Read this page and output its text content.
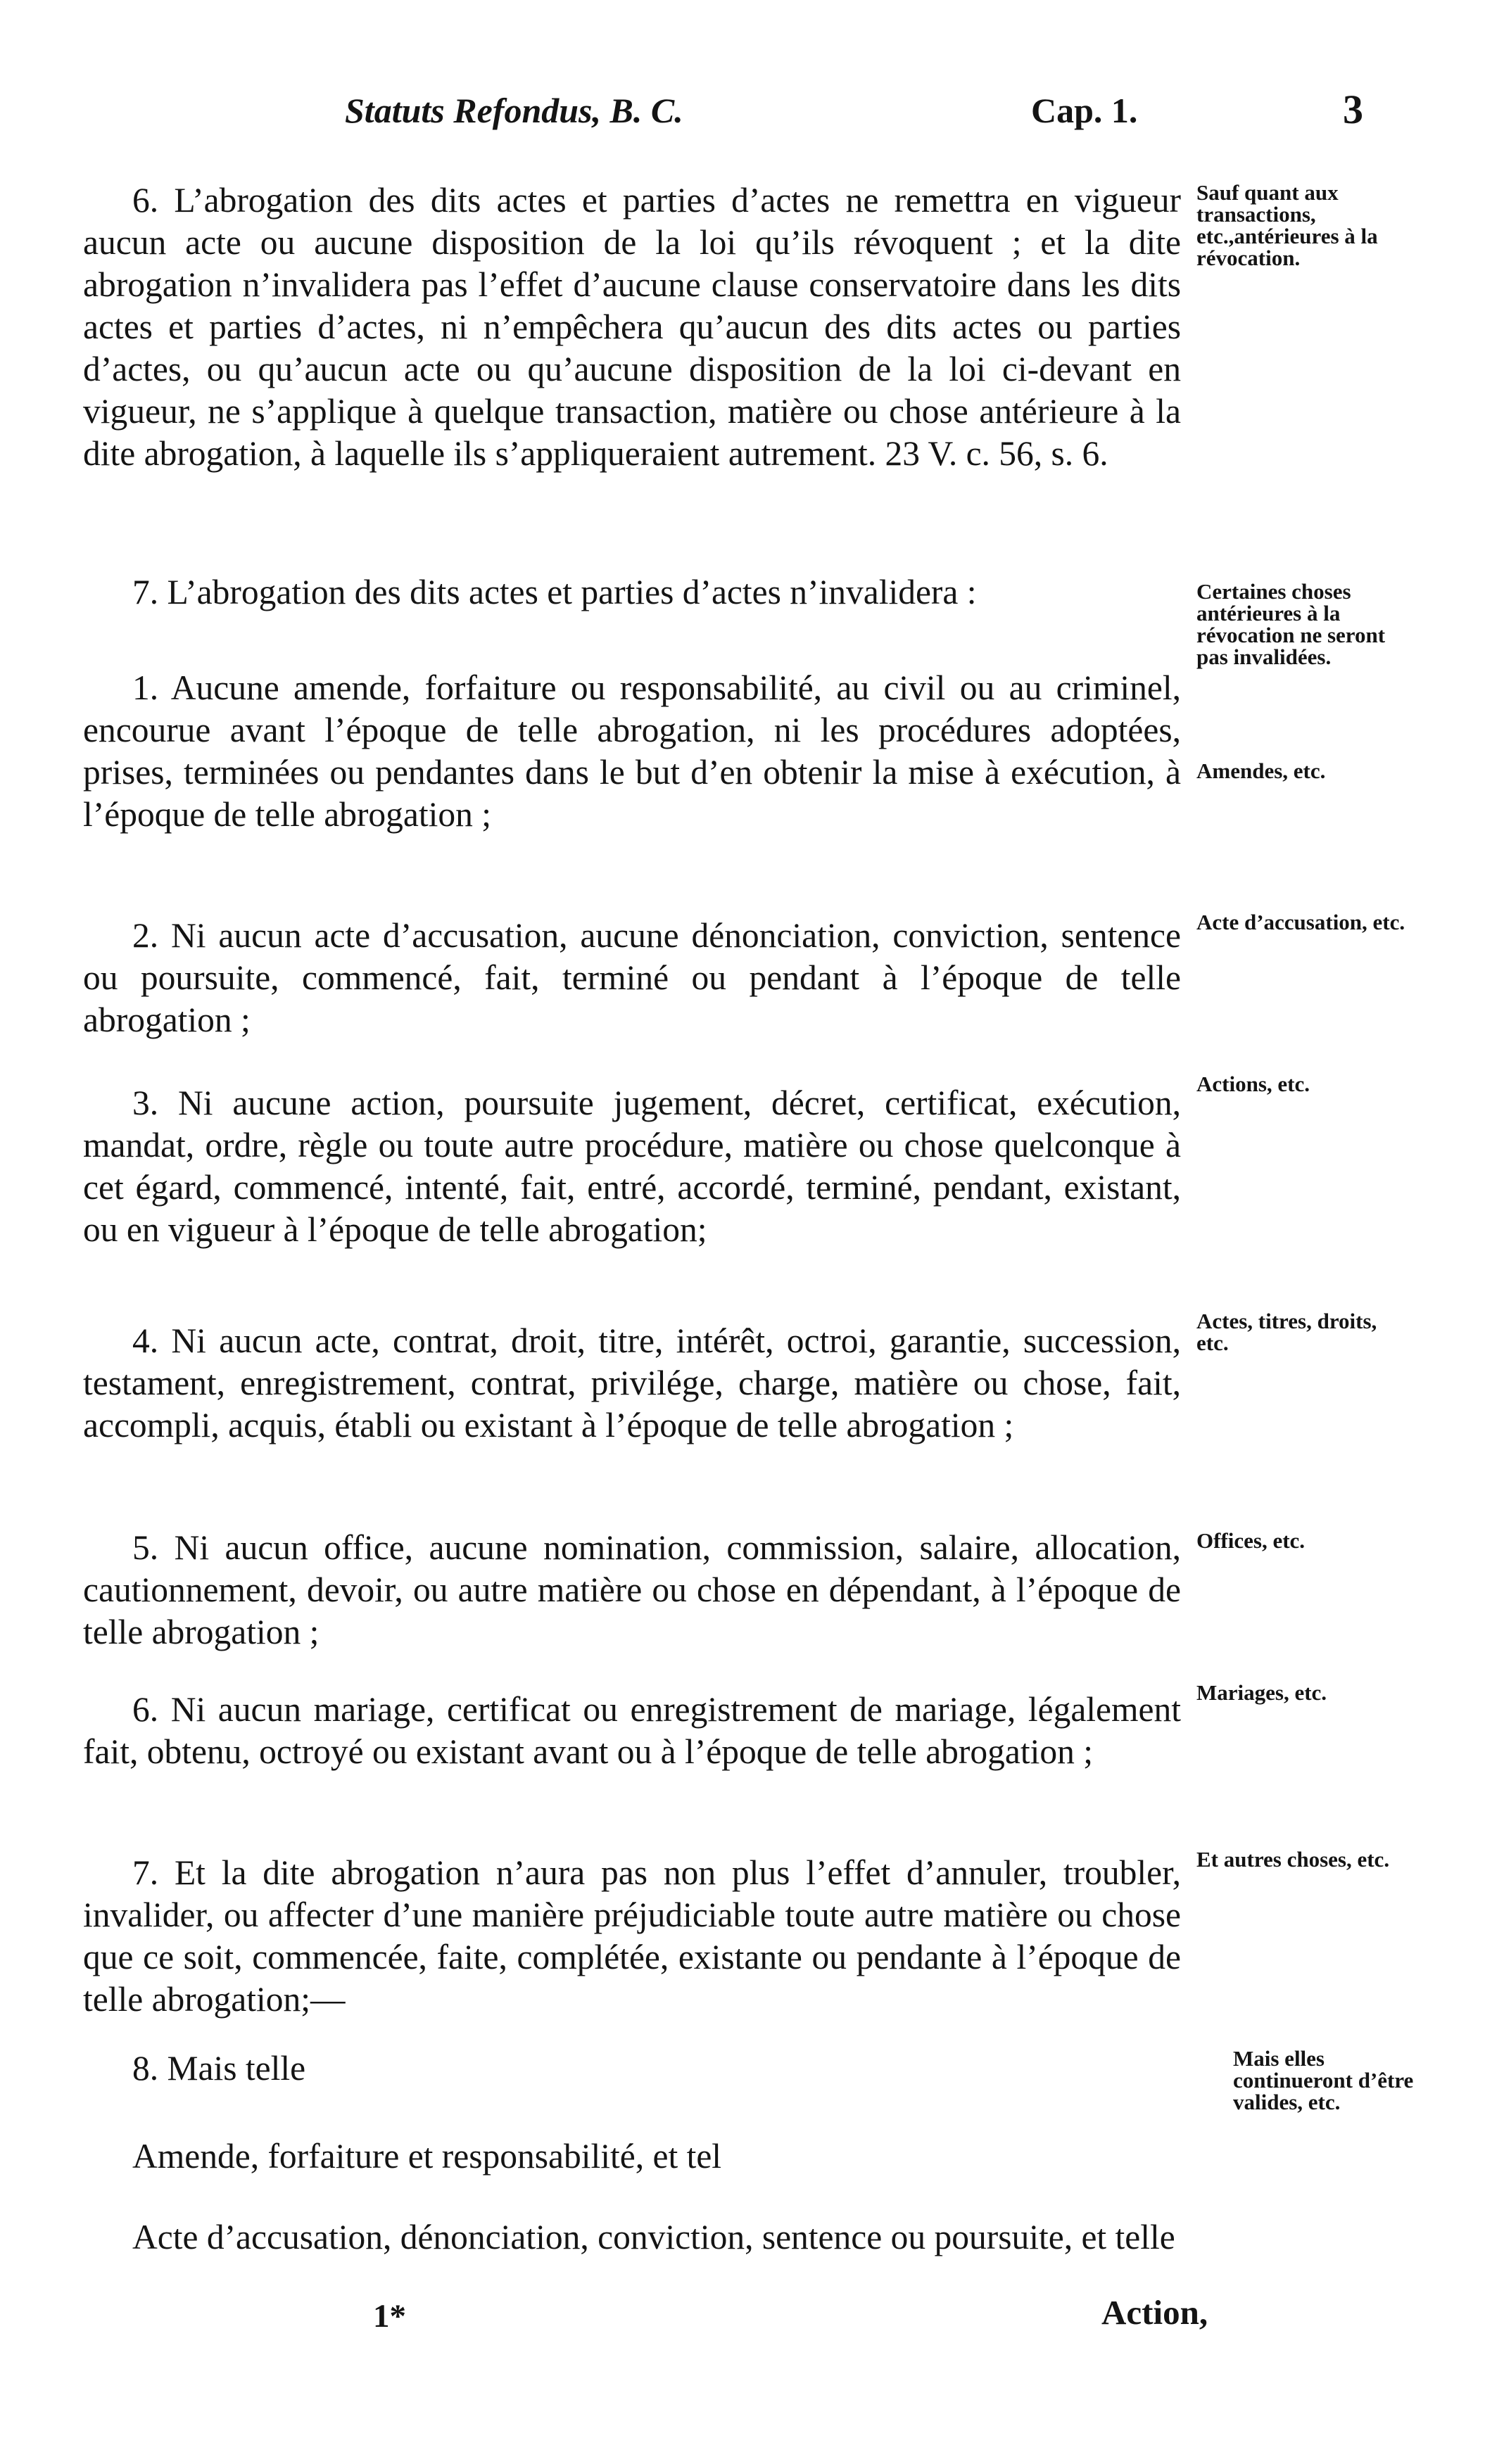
Statuts Refondus, B. C.	Cap. 1.	3
6. L’abrogation des dits actes et parties d’actes ne remettra en vigueur aucun acte ou aucune disposition de la loi qu’ils révoquent ; et la dite abrogation n’invalidera pas l’effet d’aucune clause conservatoire dans les dits actes et parties d’actes, ni n’empêchera qu’aucun des dits actes ou parties d’actes, ou qu’aucun acte ou qu’aucune disposition de la loi ci-devant en vigueur, ne s’applique à quelque transaction, matière ou chose antérieure à la dite abrogation, à laquelle ils s’appliqueraient autrement. 23 V. c. 56, s. 6.
Sauf quant aux transactions, etc.,antérieures à la révocation.
7. L’abrogation des dits actes et parties d’actes n’invalidera :	Certaines choses antérieures à la révocation ne seront pas invalidées.
1. Aucune amende, forfaiture ou responsabilité, au civil ou au criminel, encourue avant l’époque de telle abrogation, ni les procédures adoptées, prises, terminées ou pendantes dans le but d’en obtenir la mise à exécution, à l’époque de telle abrogation ;
Amendes, etc.
2. Ni aucun acte d’accusation, aucune dénonciation, conviction, sentence ou poursuite, commencé, fait, terminé ou pendant à l’époque de telle abrogation ;
Acte d’accusation, etc.
3. Ni aucune action, poursuite jugement, décret, certificat, exécution, mandat, ordre, règle ou toute autre procédure, matière ou chose quelconque à cet égard, commencé, intenté, fait, entré, accordé, terminé, pendant, existant, ou en vigueur à l’époque de telle abrogation;
Actions, etc.
4. Ni aucun acte, contrat, droit, titre, intérêt, octroi, garantie, succession, testament, enregistrement, contrat, privilége, charge, matière ou chose, fait, accompli, acquis, établi ou existant à l’époque de telle abrogation ;
Actes, titres, droits, etc.
5. Ni aucun office, aucune nomination, commission, salaire, allocation, cautionnement, devoir, ou autre matière ou chose en dépendant, à l’époque de telle abrogation ;
Offices, etc.
6. Ni aucun mariage, certificat ou enregistrement de mariage, légalement fait, obtenu, octroyé ou existant avant ou à l’époque de telle abrogation ;
Mariages, etc.
7. Et la dite abrogation n’aura pas non plus l’effet d’annuler, troubler, invalider, ou affecter d’une manière préjudiciable toute autre matière ou chose que ce soit, commencée, faite, complétée, existante ou pendante à l’époque de telle abrogation;—
Et autres choses, etc.
8. Mais telle	Mais elles continueront d’être valides, etc.
Amende, forfaiture et responsabilité, et tel
Acte d’accusation, dénonciation, conviction, sentence ou poursuite, et telle
1*	Action,
